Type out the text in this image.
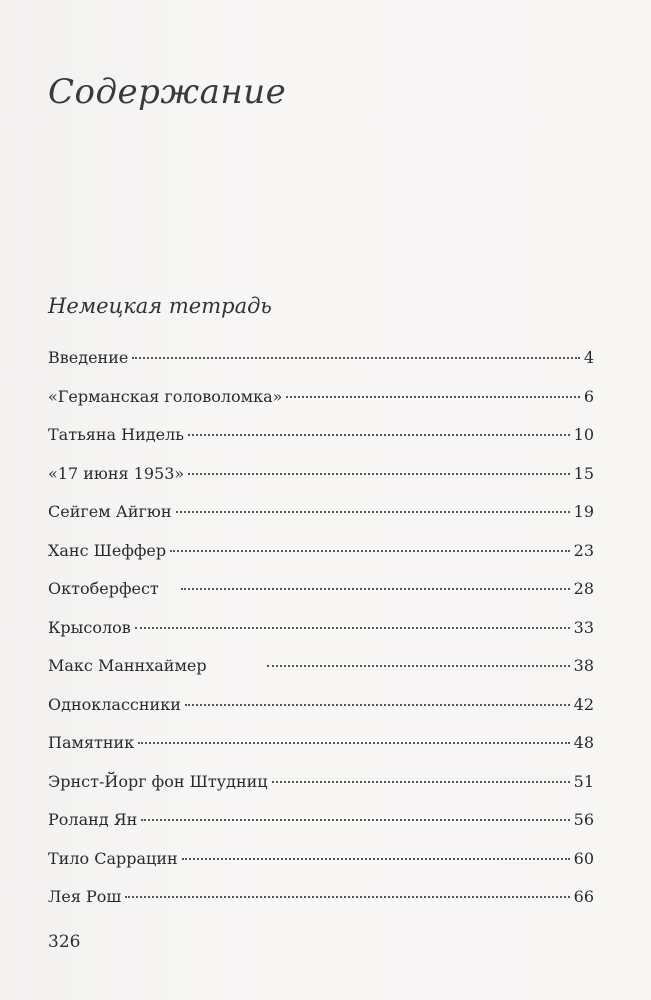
Содержание
Немецкая тетрадь
Введение	4
«Германская головоломка»	6
Татьяна Нидель	10
«17 июня 1953»	15
Сейгем Айгюн	19
Ханс Шеффер	23
Октоберфест	28
Крысолов	33
Макс Маннхаймер	38
Одноклассники	42
Памятник	48
Эрнст-Йорг фон Штудниц	51
Роланд Ян	56
Тило Саррацин	60
Лея Рош	66
326
